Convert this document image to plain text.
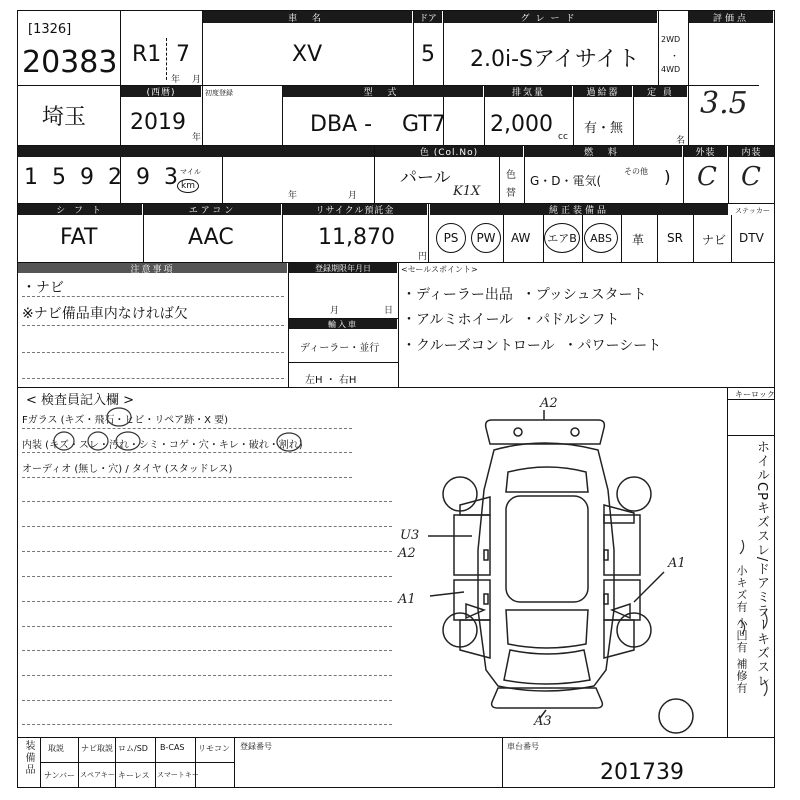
[1326]
20383 R1 7
年 月
車 名
XV
ドア
5
グレード
2.0i-Sアイサイト
2WD
・
4WD
評価点
3.5
埼玉
(西暦)	初度登録
2019
年
型 式
DBA - GT7
排気量
2,000 cc
過給器
有・無
定 員
名
1 5 9 2 9 3 マイル
km
年	月
色 (Col.No)
パール
K1X
色
替
燃 料
G・D・電気(
その他 )
外装
C
内装
C
シ フ ト
FAT
エアコン
AAC
リサイクル預託金
11,870
円
純正装備品	ステッカー
PS	PW	AW エアB	ABS	革 SR ナビ DTV
注意事項
・ナビ
※ナビ備品車内なければ欠
登録期限年月日
月	日
輸入車
ディーラー・並行
左H ・ 右H
<セールスポイント>
・ディーラー出品  ・プッシュスタート
・アルミホイール  ・パドルシフト
・クルーズコントロール  ・パワーシート
< 検査員記入欄 >
Fガラス (キズ・飛石・ヒビ・リペア跡・X 要)
内装 (キズ・スレ・汚れ・シミ・コゲ・穴・キレ・破れ・割れ)
オーディオ (無し・穴) / タイヤ (スタッドレス)
キーロック
ホイルCPキズスレ/ドアミラーキズスレ
小キズ有 小凹有 補修有
A2
U3
A2
A1
A1
A3
装備品 取説 ナビ取説 ロム/SD B-CAS リモコン
ナンバー スペアキー キーレス スマートキー
登録番号	車台番号
201739
